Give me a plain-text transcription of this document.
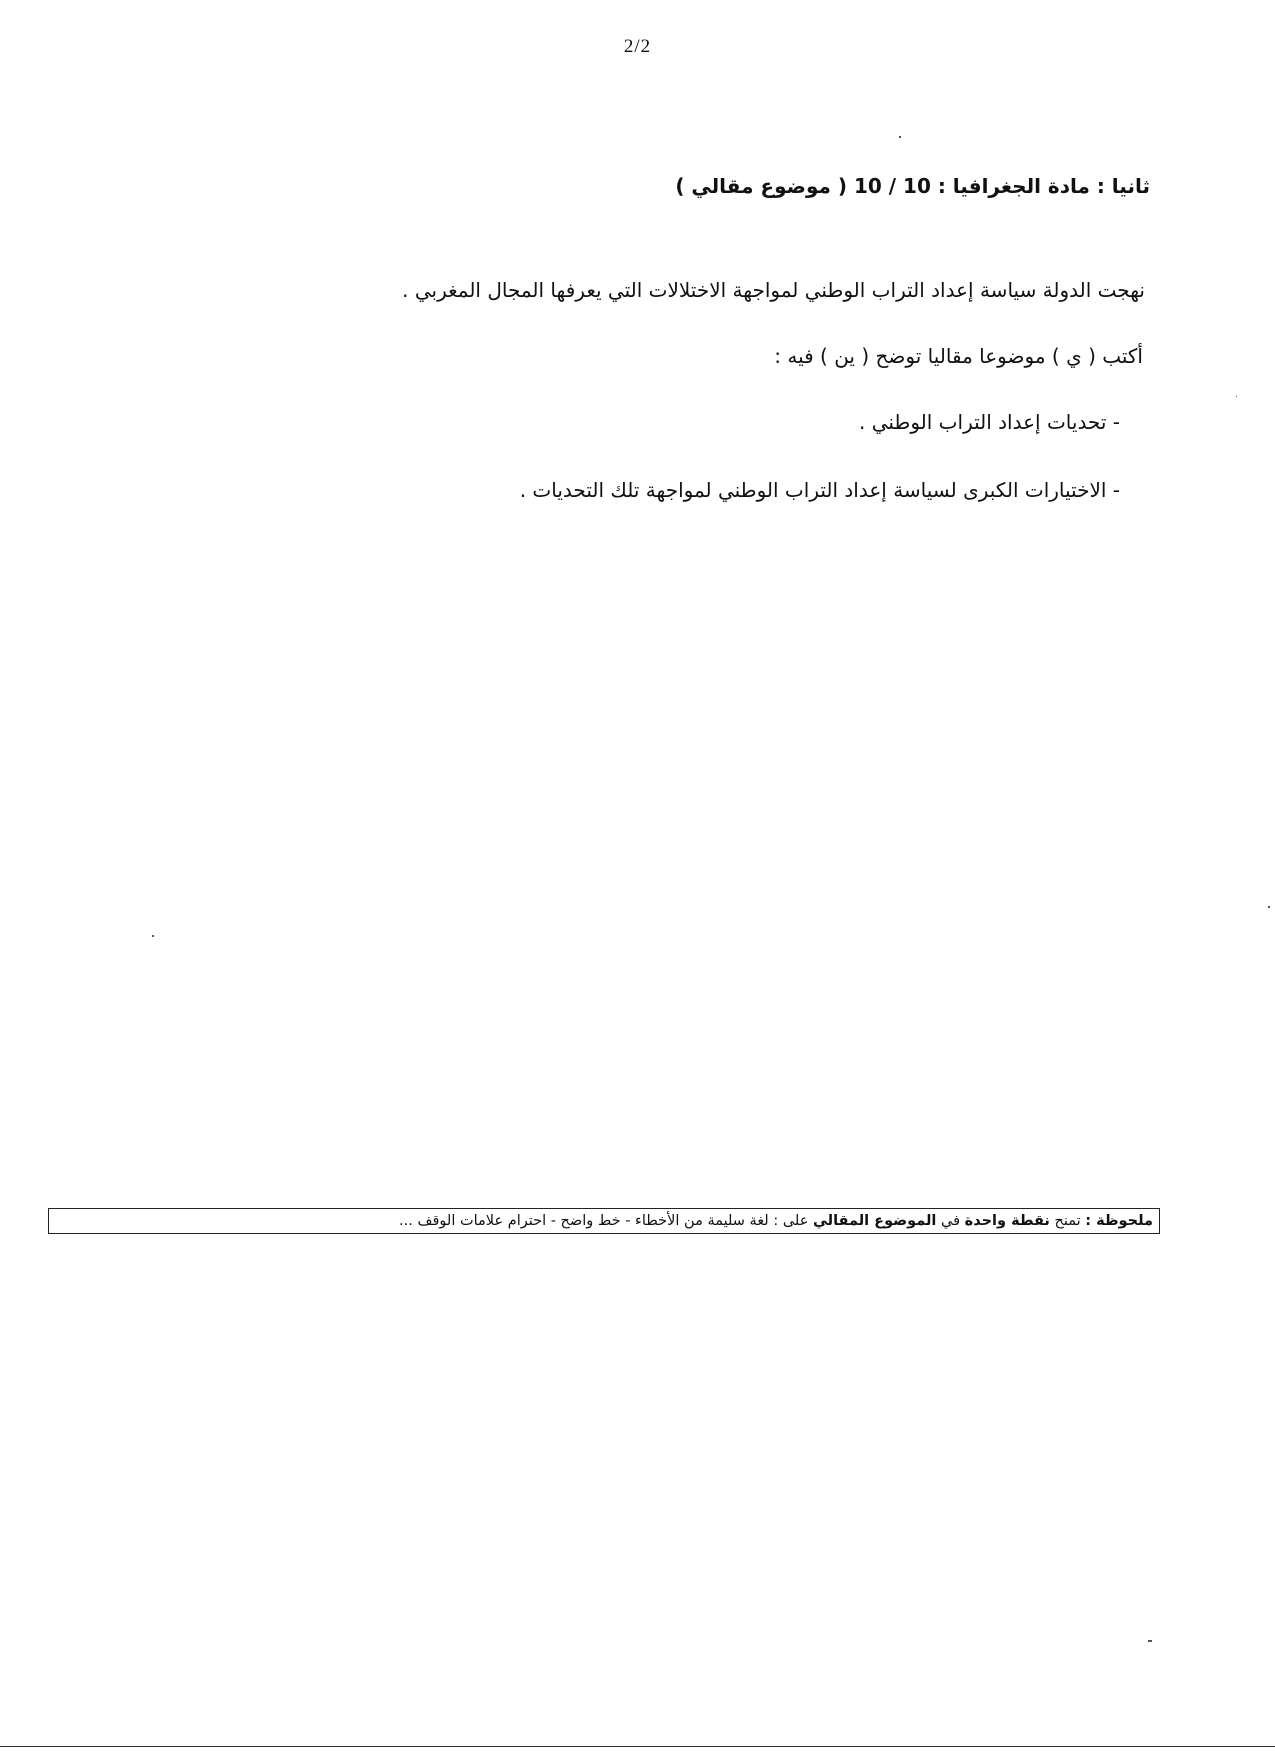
2/2
ثانيا : مادة الجغرافيا : 10 / 10 ( موضوع مقالي )
نهجت الدولة سياسة إعداد التراب الوطني لمواجهة الاختلالات التي يعرفها المجال المغربي .
أكتب ( ي ) موضوعا مقاليا توضح ( ين ) فيه :
- تحديات إعداد التراب الوطني .
- الاختيارات الكبرى لسياسة إعداد التراب الوطني لمواجهة تلك التحديات .
ملحوظة : تمنح نقطة واحدة في الموضوع المقالي على : لغة سليمة من الأخطاء - خط واضح - احترام علامات الوقف ...
